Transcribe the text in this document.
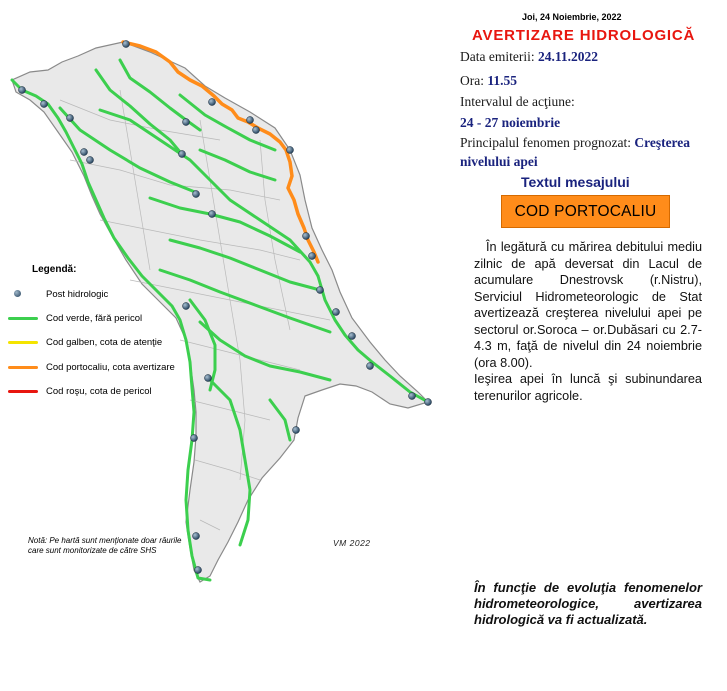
Legendă:
Post hidrologic
Cod verde, fără pericol
Cod galben, cota de atenţie
Cod portocaliu, cota avertizare
Cod roşu, cota de pericol
Notă: Pe hartă sunt menţionate doar râurile care sunt monitorizate de către SHS
VM 2022
Joi, 24 Noiembrie, 2022
AVERTIZARE HIDROLOGICĂ
Data emiterii: 24.11.2022
Ora: 11.55
Intervalul de acţiune:
24 - 27 noiembrie
Principalul fenomen prognozat: Creşterea
nivelului apei
Textul mesajului
COD PORTOCALIU

În legătură cu mărirea debitului mediu zilnic de apă deversat din Lacul de acumulare Dnestrovsk (r.Nistru), Serviciul Hidrometeorologic de Stat avertizează creşterea nivelului apei pe sectorul or.Soroca – or.Dubăsari cu 2.7-4.3 m, faţă de nivelul din 24 noiembrie (ora 8.00).

Ieşirea apei în luncă şi subinundarea terenurilor agricole.

În funcţie de evoluţia fenomenelor hidrometeorologice, avertizarea hidrologică va fi actualizată.
